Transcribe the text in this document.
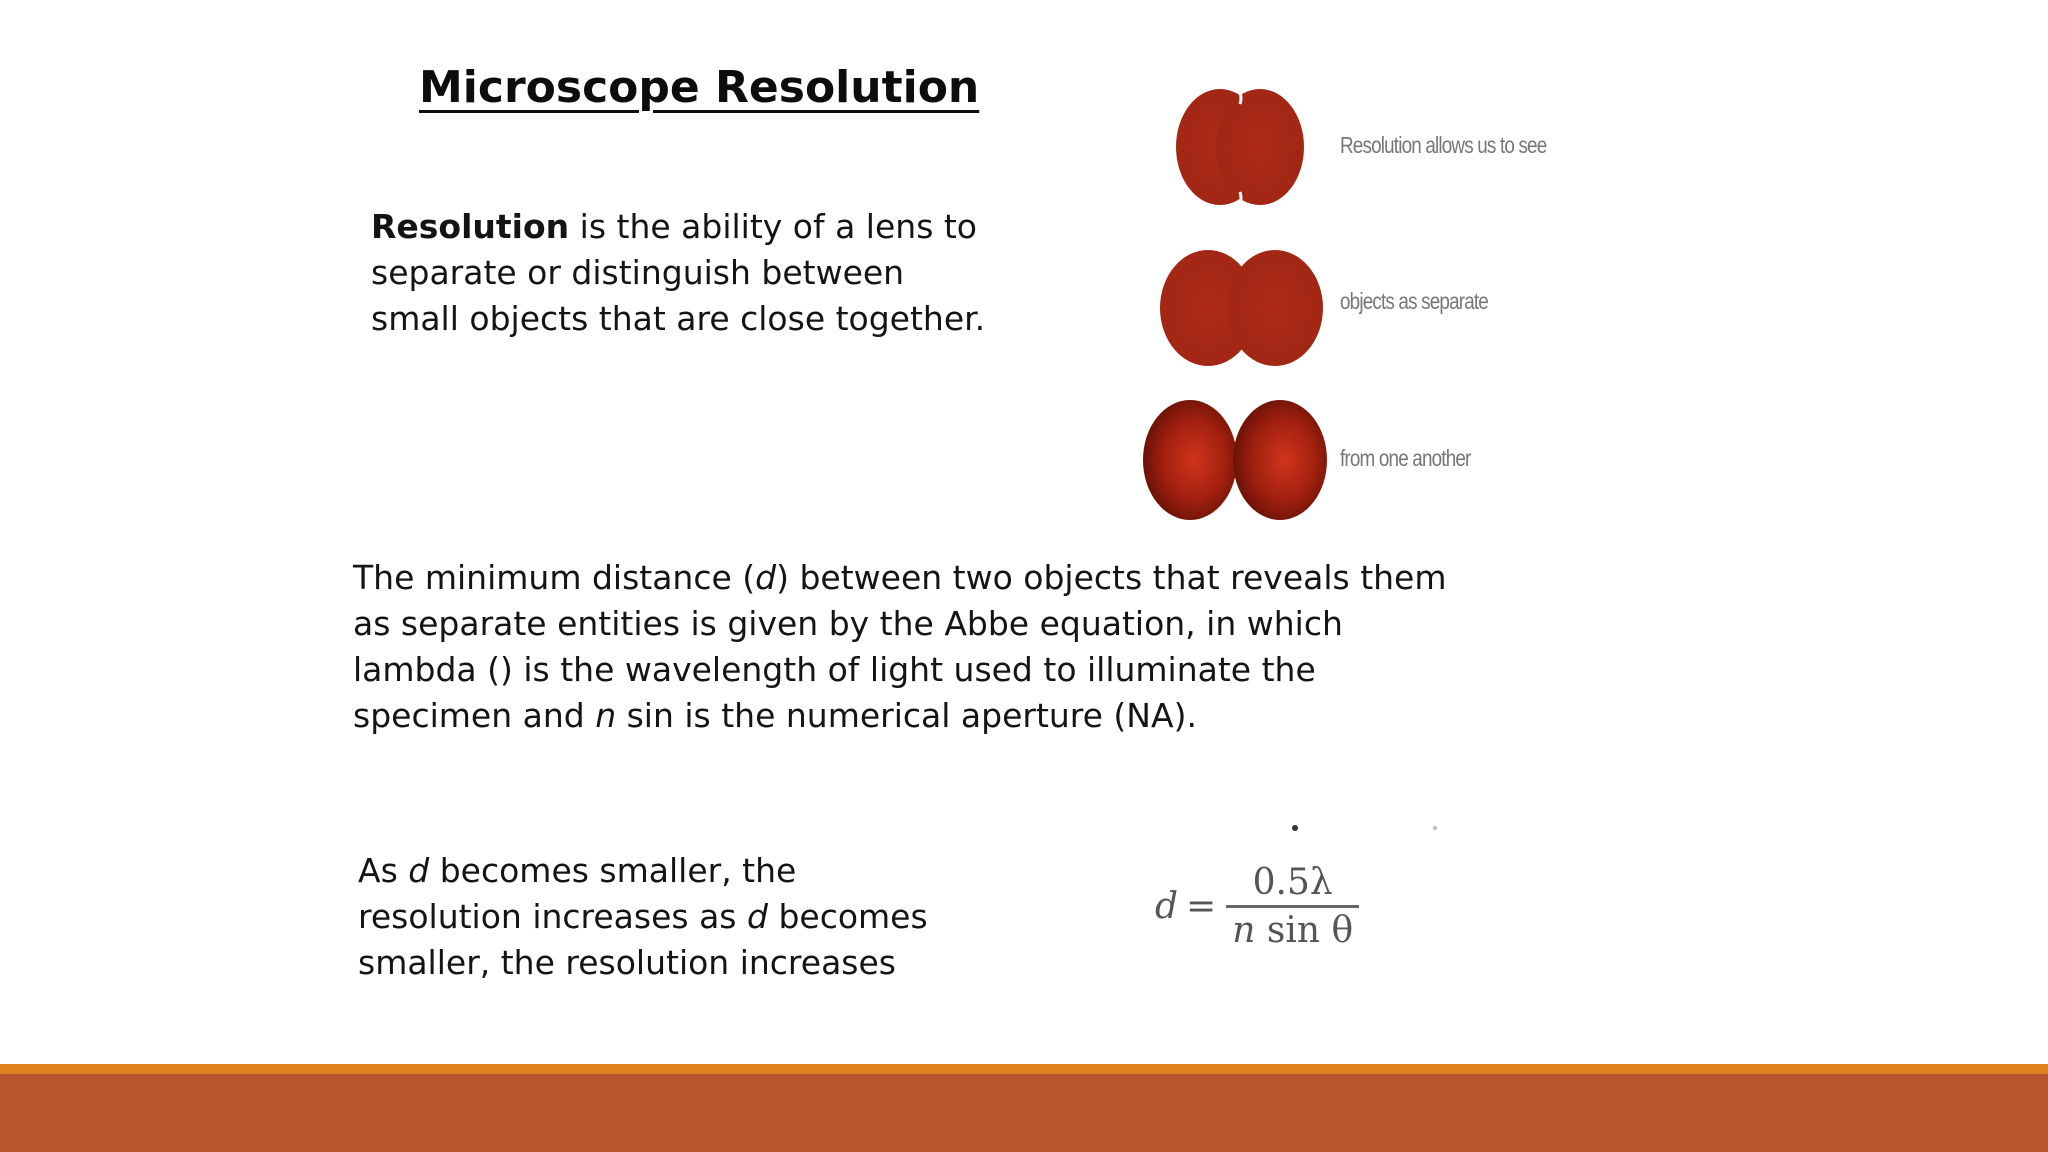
Microscope Resolution
Resolution is the ability of a lens to separate or distinguish between small objects that are close together.
Resolution allows us to see
objects as separate
from one another
The minimum distance (d) between two objects that reveals them as separate entities is given by the Abbe equation, in which lambda () is the wavelength of light used to illuminate the specimen and n sin is the numerical aperture (NA).
As d becomes smaller, the resolution increases as d becomes smaller, the resolution increases
$d = \frac{0.5\lambda}{\text{n sin θ}}$
